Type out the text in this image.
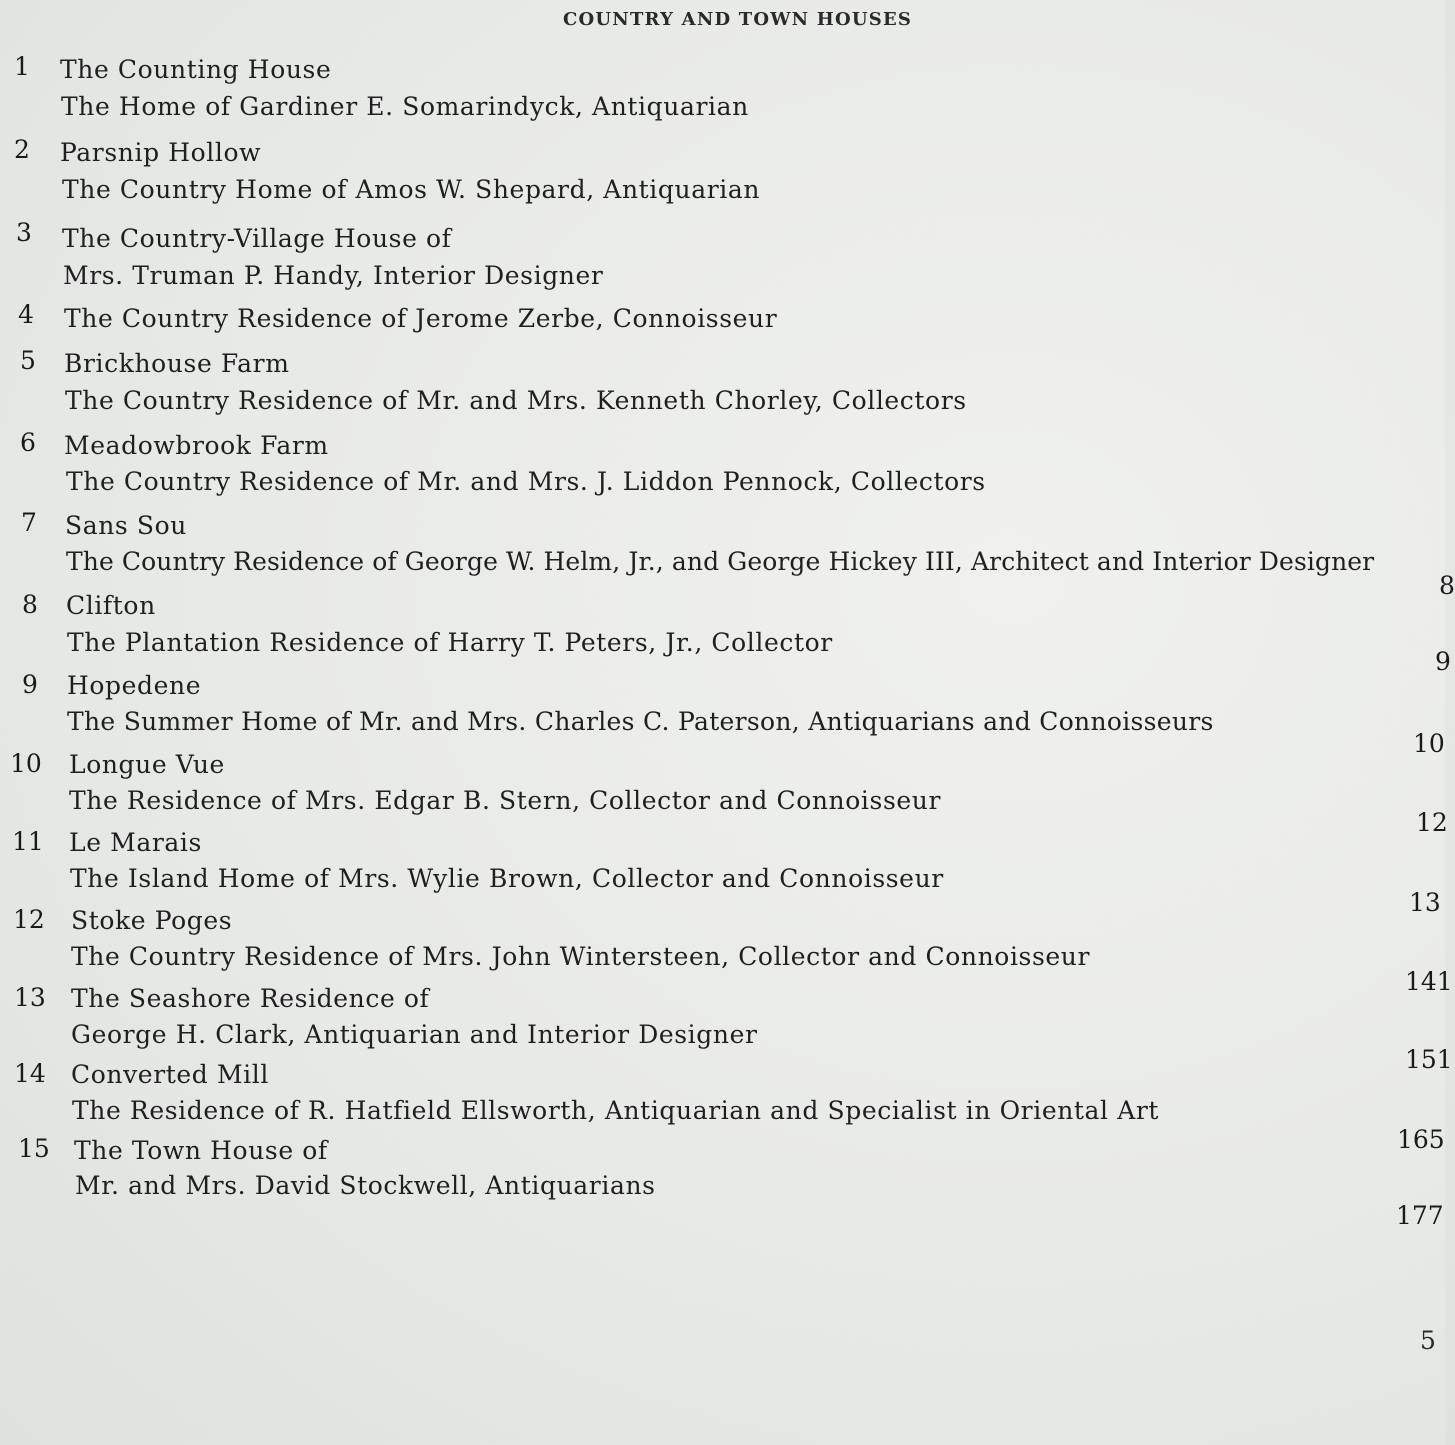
COUNTRY AND TOWN HOUSES
1 The Counting House
The Home of Gardiner E. Somarindyck, Antiquarian
2 Parsnip Hollow
The Country Home of Amos W. Shepard, Antiquarian
3 The Country-Village House of
Mrs. Truman P. Handy, Interior Designer
4 The Country Residence of Jerome Zerbe, Connoisseur
5 Brickhouse Farm
The Country Residence of Mr. and Mrs. Kenneth Chorley, Collectors
6 Meadowbrook Farm
The Country Residence of Mr. and Mrs. J. Liddon Pennock, Collectors
7 Sans Sou
The Country Residence of George W. Helm, Jr., and George Hickey III, Architect and Interior Designer
8
8 Clifton
The Plantation Residence of Harry T. Peters, Jr., Collector
9
9 Hopedene
The Summer Home of Mr. and Mrs. Charles C. Paterson, Antiquarians and Connoisseurs
10
10 Longue Vue
The Residence of Mrs. Edgar B. Stern, Collector and Connoisseur
12
11 Le Marais
The Island Home of Mrs. Wylie Brown, Collector and Connoisseur
13
12 Stoke Poges
The Country Residence of Mrs. John Wintersteen, Collector and Connoisseur
141
13 The Seashore Residence of
George H. Clark, Antiquarian and Interior Designer
151
14 Converted Mill
The Residence of R. Hatfield Ellsworth, Antiquarian and Specialist in Oriental Art
165
15 The Town House of
Mr. and Mrs. David Stockwell, Antiquarians
177
5
